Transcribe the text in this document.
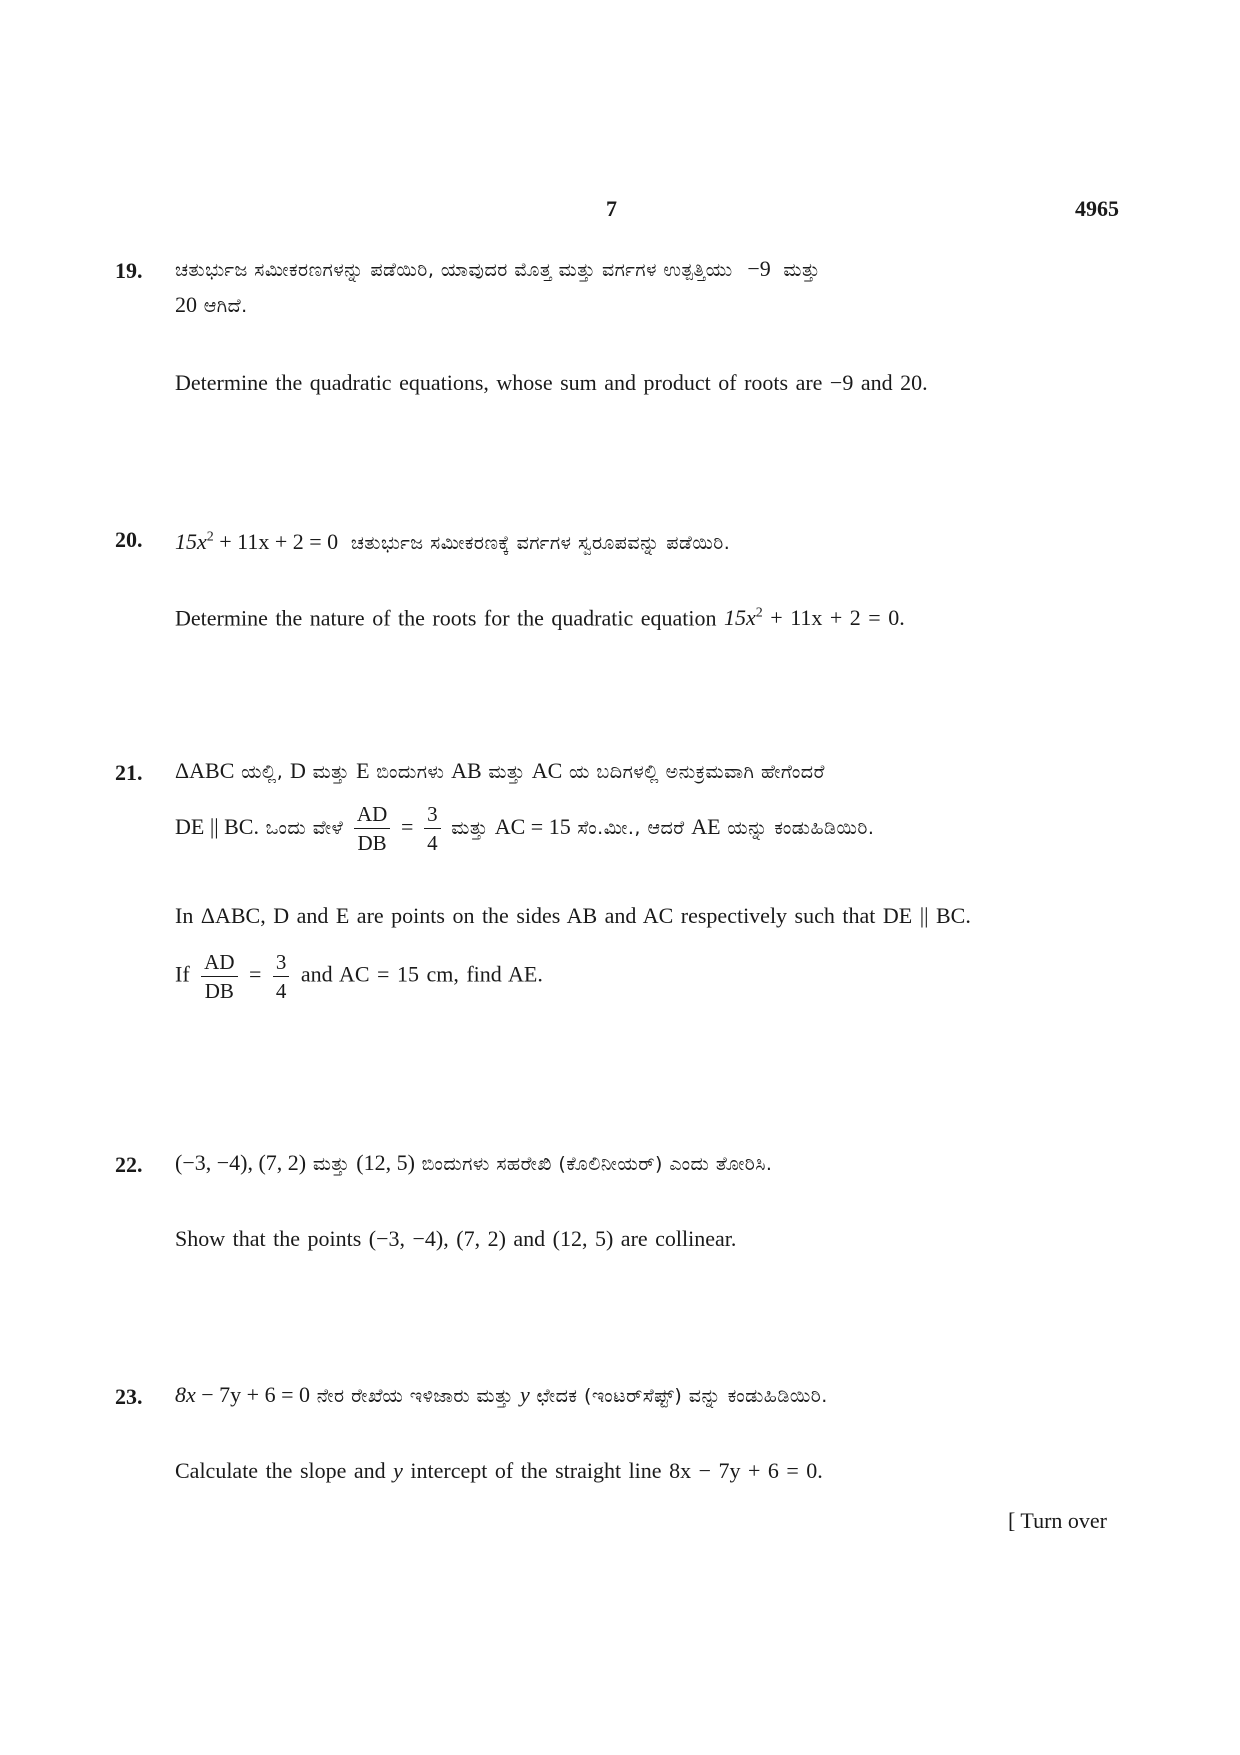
7	4965
19. ಚತುರ್ಭುಜ ಸಮೀಕರಣಗಳನ್ನು ಪಡೆಯಿರಿ, ಯಾವುದರ ಮೊತ್ತ ಮತ್ತು ವರ್ಗಗಳ ಉತ್ಪತ್ತಿಯು −9 ಮತ್ತು
20 ಆಗಿದೆ.
Determine the quadratic equations, whose sum and product of roots are −9 and 20.
20. $15x^2 + 11x + 2 = 0$ ಚತುರ್ಭುಜ ಸಮೀಕರಣಕ್ಕೆ ವರ್ಗಗಳ ಸ್ವರೂಪವನ್ನು ಪಡೆಯಿರಿ.
Determine the nature of the roots for the quadratic equation $15x^2 + 11x + 2 = 0$.
21. ΔABC ಯಲ್ಲಿ, D ಮತ್ತು E ಬಿಂದುಗಳು AB ಮತ್ತು AC ಯ ಬದಿಗಳಲ್ಲಿ ಅನುಕ್ರಮವಾಗಿ ಹೇಗೆಂದರೆ
DE || BC. ಒಂದು ವೇಳೆ $\frac{AD}{DB} = \frac{3}{4}$ ಮತ್ತು AC = 15 ಸೆಂ.ಮೀ., ಆದರೆ AE ಯನ್ನು ಕಂಡುಹಿಡಿಯಿರಿ.
In ΔABC, D and E are points on the sides AB and AC respectively such that DE || BC.
If $\frac{AD}{DB} = \frac{3}{4}$ and AC = 15 cm, find AE.
22. (−3, −4), (7, 2) ಮತ್ತು (12, 5) ಬಿಂದುಗಳು ಸಹರೇಖಿ (ಕೊಲಿನೀಯರ್) ಎಂದು ತೋರಿಸಿ.
Show that the points (−3, −4), (7, 2) and (12, 5) are collinear.
23. 8x − 7y + 6 = 0 ನೇರ ರೇಖೆಯ ಇಳಿಜಾರು ಮತ್ತು y ಛೇದಕ (ಇಂಟರ್‌ಸೆಪ್ಟ್) ವನ್ನು ಕಂಡುಹಿಡಿಯಿರಿ.
Calculate the slope and y intercept of the straight line 8x − 7y + 6 = 0.
[ Turn over
